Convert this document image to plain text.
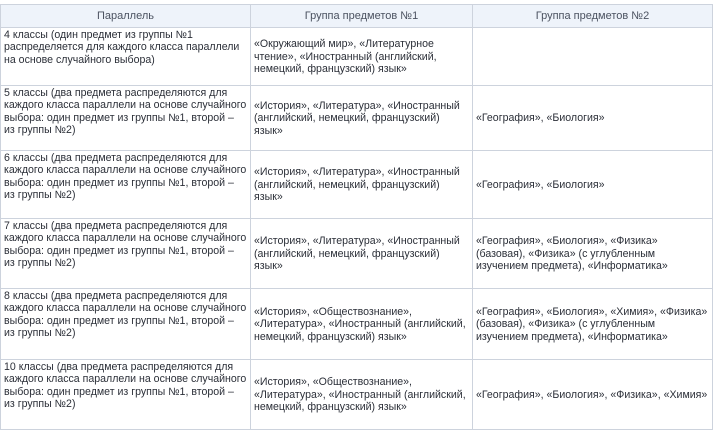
Параллель	Группа предметов №1	Группа предметов №2
4 классы (один предмет из группы №1 распределяется для каждого класса параллели на основе случайного выбора)	«Окружающий мир», «Литературное чтение», «Иностранный (английский, немецкий, французский) язык»	
5 классы (два предмета распределяются для каждого класса параллели на основе случайного выбора: один предмет из группы №1, второй – из группы №2)	«История», «Литература», «Иностранный (английский, немецкий, французский) язык»	«География», «Биология»
6 классы (два предмета распределяются для каждого класса параллели на основе случайного выбора: один предмет из группы №1, второй – из группы №2)	«История», «Литература», «Иностранный (английский, немецкий, французский) язык»	«География», «Биология»
7 классы (два предмета распределяются для каждого класса параллели на основе случайного выбора: один предмет из группы №1, второй – из группы №2)	«История», «Литература», «Иностранный (английский, немецкий, французский) язык»	«География», «Биология», «Физика» (базовая), «Физика» (с углубленным изучением предмета), «Информатика»
8 классы (два предмета распределяются для каждого класса параллели на основе случайного выбора: один предмет из группы №1, второй – из группы №2)	«История», «Обществознание», «Литература», «Иностранный (английский, немецкий, французский) язык»	«География», «Биология», «Химия», «Физика» (базовая), «Физика» (с углубленным изучением предмета), «Информатика»
10 классы (два предмета распределяются для каждого класса параллели на основе случайного выбора: один предмет из группы №1, второй – из группы №2)	«История», «Обществознание», «Литература», «Иностранный (английский, немецкий, французский) язык»	«География», «Биология», «Физика», «Химия»
